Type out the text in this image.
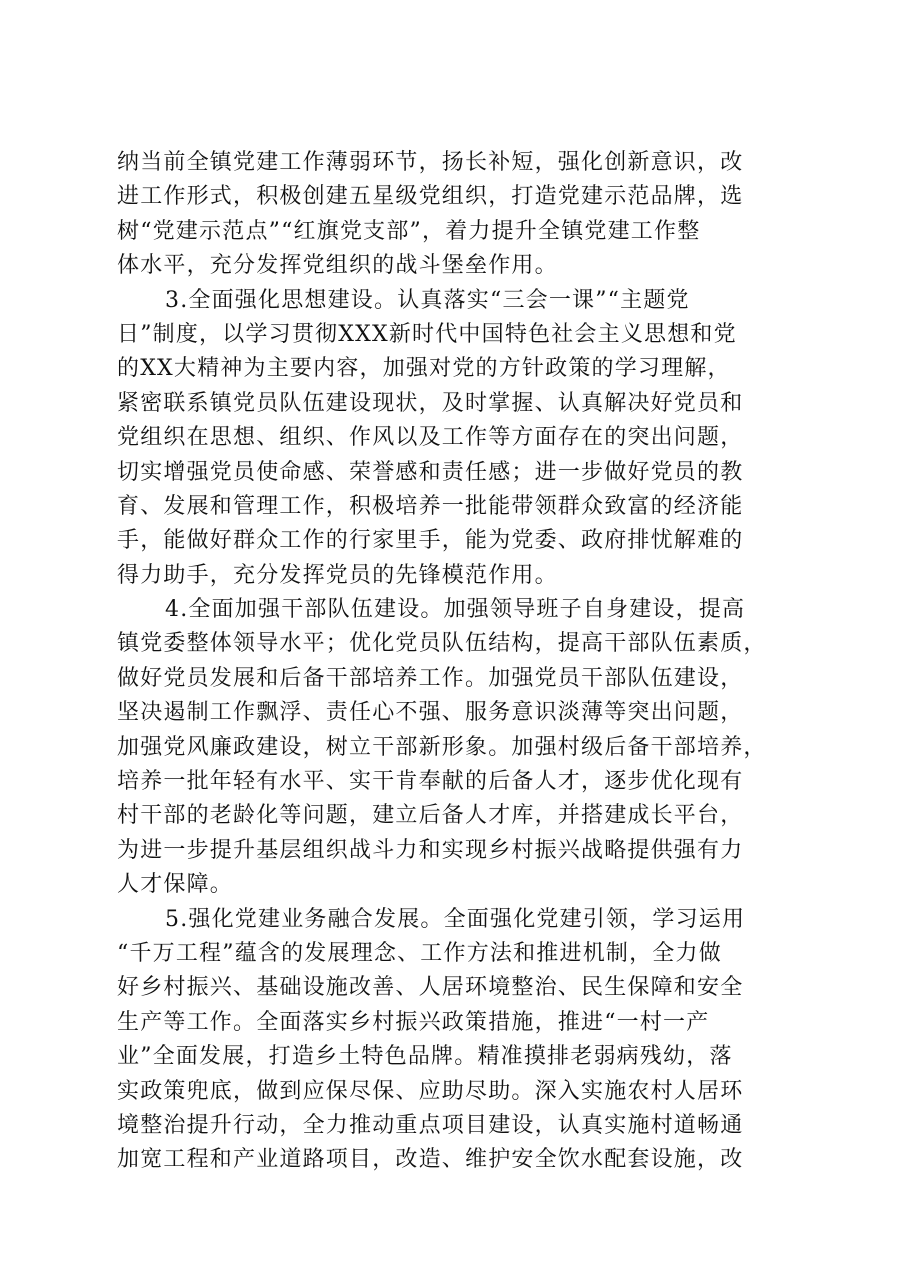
纳当前全镇党建工作薄弱环节，扬长补短，强化创新意识，改
进工作形式，积极创建五星级党组织，打造党建示范品牌，选
树“党建示范点”“红旗党支部”，着力提升全镇党建工作整
体水平，充分发挥党组织的战斗堡垒作用。
3.全面强化思想建设。认真落实“三会一课”“主题党
日”制度，以学习贯彻XXX新时代中国特色社会主义思想和党
的XX大精神为主要内容，加强对党的方针政策的学习理解，
紧密联系镇党员队伍建设现状，及时掌握、认真解决好党员和
党组织在思想、组织、作风以及工作等方面存在的突出问题，
切实增强党员使命感、荣誉感和责任感；进一步做好党员的教
育、发展和管理工作，积极培养一批能带领群众致富的经济能
手，能做好群众工作的行家里手，能为党委、政府排忧解难的
得力助手，充分发挥党员的先锋模范作用。
4.全面加强干部队伍建设。加强领导班子自身建设，提高
镇党委整体领导水平；优化党员队伍结构，提高干部队伍素质，
做好党员发展和后备干部培养工作。加强党员干部队伍建设，
坚决遏制工作飘浮、责任心不强、服务意识淡薄等突出问题，
加强党风廉政建设，树立干部新形象。加强村级后备干部培养，
培养一批年轻有水平、实干肯奉献的后备人才，逐步优化现有
村干部的老龄化等问题，建立后备人才库，并搭建成长平台，
为进一步提升基层组织战斗力和实现乡村振兴战略提供强有力
人才保障。
5.强化党建业务融合发展。全面强化党建引领，学习运用
“千万工程”蕴含的发展理念、工作方法和推进机制，全力做
好乡村振兴、基础设施改善、人居环境整治、民生保障和安全
生产等工作。全面落实乡村振兴政策措施，推进“一村一产
业”全面发展，打造乡土特色品牌。精准摸排老弱病残幼，落
实政策兜底，做到应保尽保、应助尽助。深入实施农村人居环
境整治提升行动，全力推动重点项目建设，认真实施村道畅通
加宽工程和产业道路项目，改造、维护安全饮水配套设施，改
